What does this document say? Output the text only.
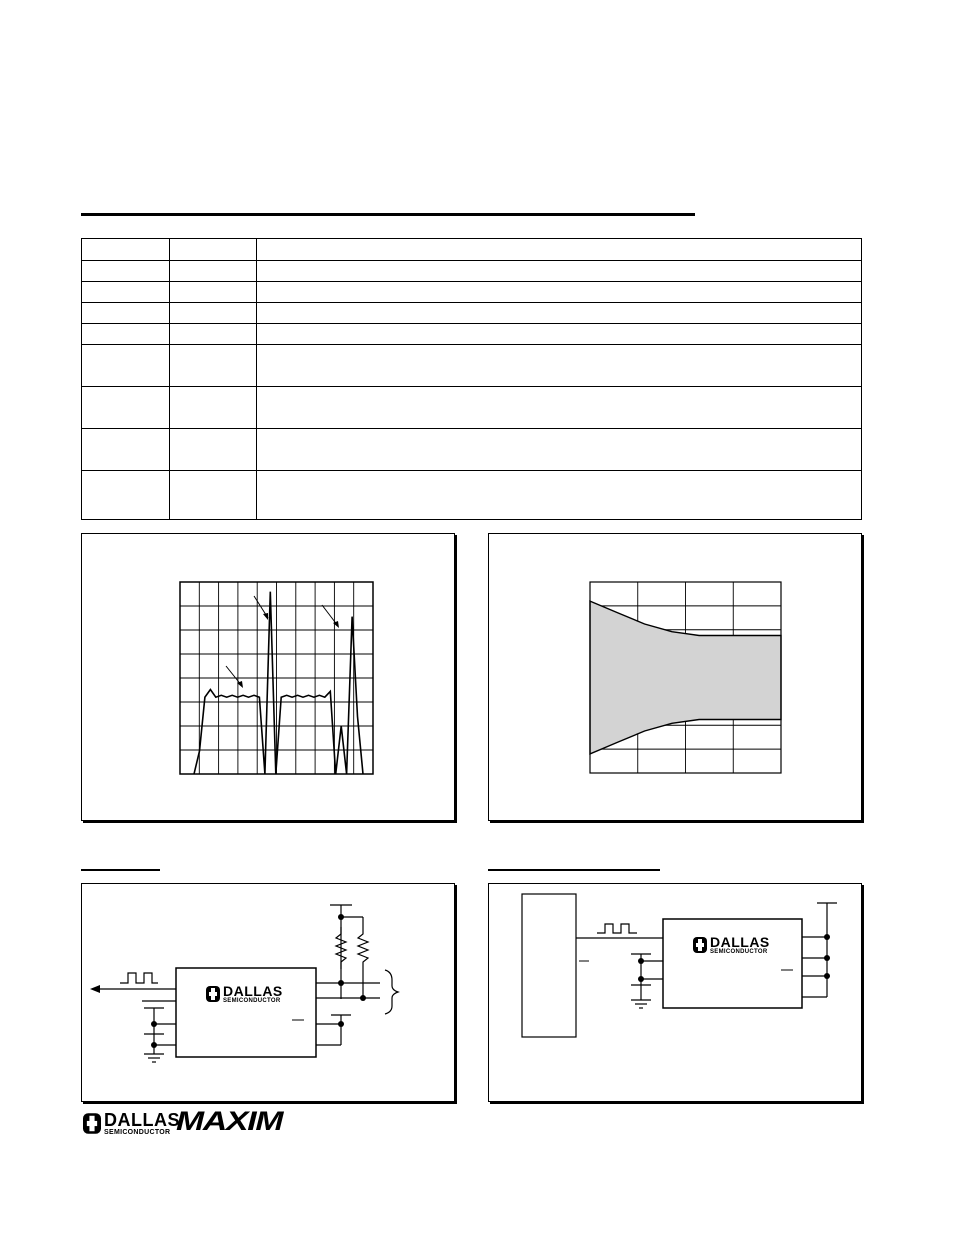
DALLAS
SEMICONDUCTOR
DALLAS
SEMICONDUCTOR
DALLAS
SEMICONDUCTOR MAXIM
